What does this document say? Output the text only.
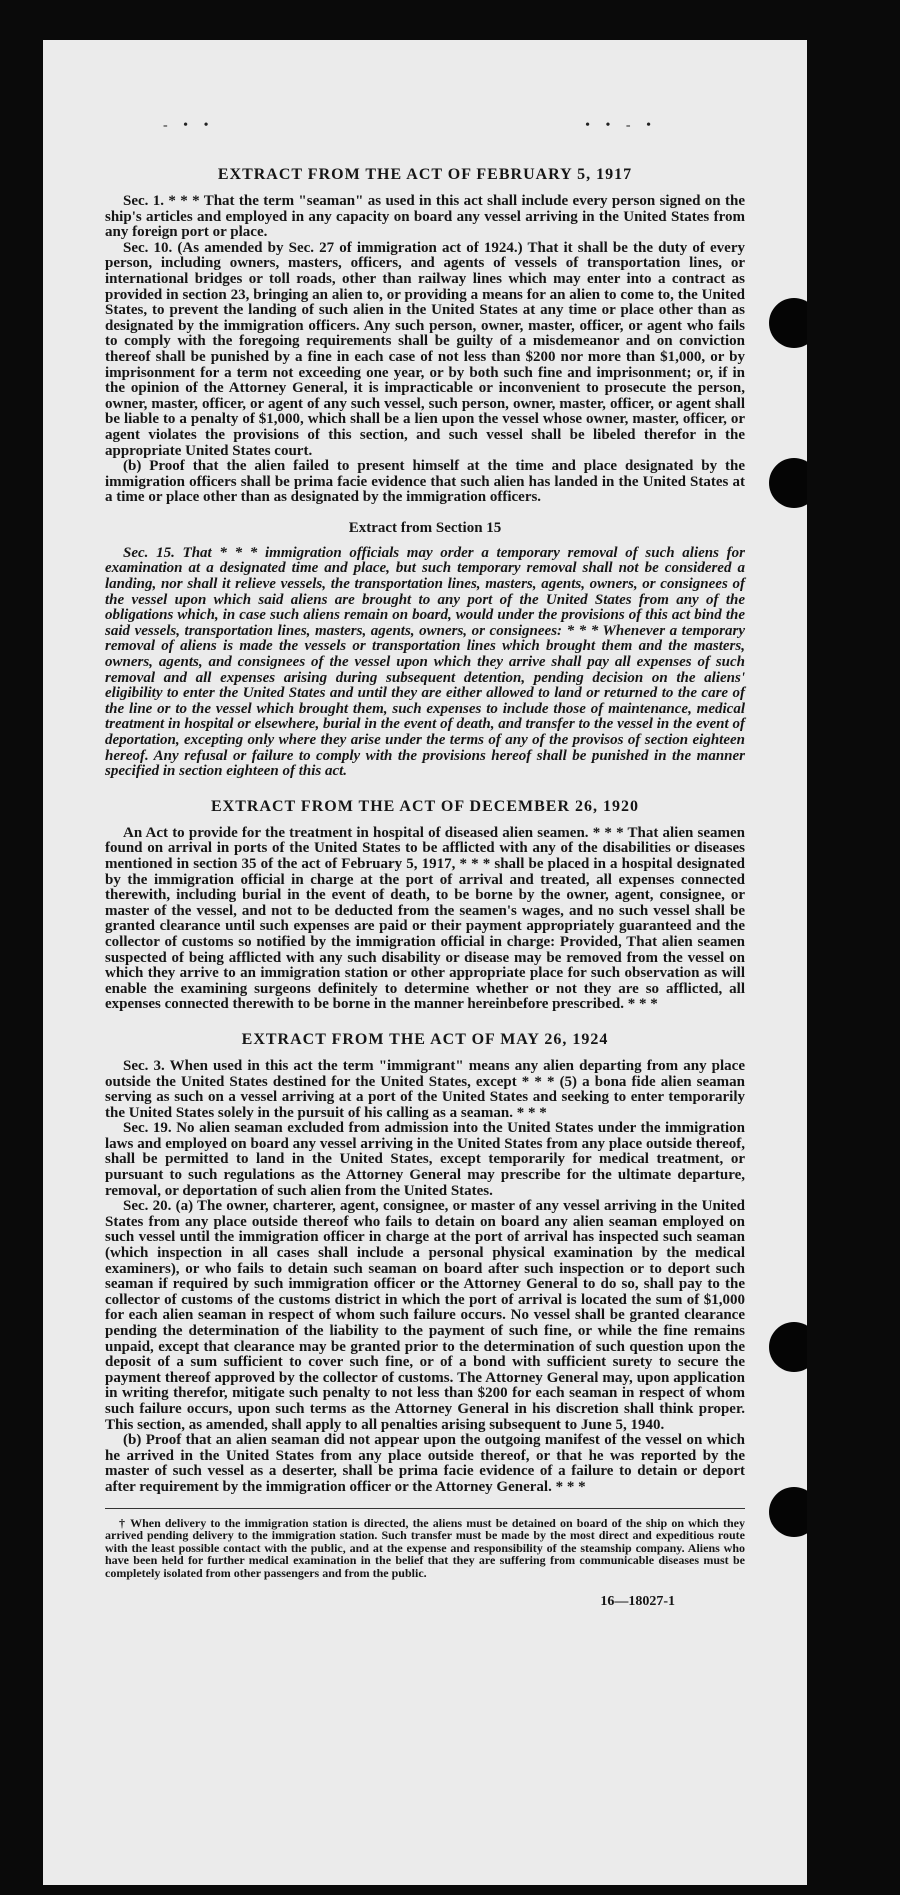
- • •	• • - •
EXTRACT FROM THE ACT OF FEBRUARY 5, 1917

Sec. 1. * * * That the term "seaman" as used in this act shall include every person signed on the ship's articles and employed in any capacity on board any vessel arriving in the United States from any foreign port or place.

Sec. 10. (As amended by Sec. 27 of immigration act of 1924.) That it shall be the duty of every person, including owners, masters, officers, and agents of vessels of transportation lines, or international bridges or toll roads, other than railway lines which may enter into a contract as provided in section 23, bringing an alien to, or providing a means for an alien to come to, the United States, to prevent the landing of such alien in the United States at any time or place other than as designated by the immigration officers. Any such person, owner, master, officer, or agent who fails to comply with the foregoing requirements shall be guilty of a misdemeanor and on conviction thereof shall be punished by a fine in each case of not less than $200 nor more than $1,000, or by imprisonment for a term not exceeding one year, or by both such fine and imprisonment; or, if in the opinion of the Attorney General, it is impracticable or inconvenient to prosecute the person, owner, master, officer, or agent of any such vessel, such person, owner, master, officer, or agent shall be liable to a penalty of $1,000, which shall be a lien upon the vessel whose owner, master, officer, or agent violates the provisions of this section, and such vessel shall be libeled therefor in the appropriate United States court.

(b) Proof that the alien failed to present himself at the time and place designated by the immigration officers shall be prima facie evidence that such alien has landed in the United States at a time or place other than as designated by the immigration officers.

Extract from Section 15

Sec. 15. That * * * immigration officials may order a temporary removal of such aliens for examination at a designated time and place, but such temporary removal shall not be considered a landing, nor shall it relieve vessels, the transportation lines, masters, agents, owners, or consignees of the vessel upon which said aliens are brought to any port of the United States from any of the obligations which, in case such aliens remain on board, would under the provisions of this act bind the said vessels, transportation lines, masters, agents, owners, or consignees: * * * Whenever a temporary removal of aliens is made the vessels or transportation lines which brought them and the masters, owners, agents, and consignees of the vessel upon which they arrive shall pay all expenses of such removal and all expenses arising during subsequent detention, pending decision on the aliens' eligibility to enter the United States and until they are either allowed to land or returned to the care of the line or to the vessel which brought them, such expenses to include those of maintenance, medical treatment in hospital or elsewhere, burial in the event of death, and transfer to the vessel in the event of deportation, excepting only where they arise under the terms of any of the provisos of section eighteen hereof. Any refusal or failure to comply with the provisions hereof shall be punished in the manner specified in section eighteen of this act.

EXTRACT FROM THE ACT OF DECEMBER 26, 1920

An Act to provide for the treatment in hospital of diseased alien seamen. * * * That alien seamen found on arrival in ports of the United States to be afflicted with any of the disabilities or diseases mentioned in section 35 of the act of February 5, 1917, * * * shall be placed in a hospital designated by the immigration official in charge at the port of arrival and treated, all expenses connected therewith, including burial in the event of death, to be borne by the owner, agent, consignee, or master of the vessel, and not to be deducted from the seamen's wages, and no such vessel shall be granted clearance until such expenses are paid or their payment appropriately guaranteed and the collector of customs so notified by the immigration official in charge: Provided, That alien seamen suspected of being afflicted with any such disability or disease may be removed from the vessel on which they arrive to an immigration station or other appropriate place for such observation as will enable the examining surgeons definitely to determine whether or not they are so afflicted, all expenses connected therewith to be borne in the manner hereinbefore prescribed. * * *

EXTRACT FROM THE ACT OF MAY 26, 1924

Sec. 3. When used in this act the term "immigrant" means any alien departing from any place outside the United States destined for the United States, except * * * (5) a bona fide alien seaman serving as such on a vessel arriving at a port of the United States and seeking to enter temporarily the United States solely in the pursuit of his calling as a seaman. * * *

Sec. 19. No alien seaman excluded from admission into the United States under the immigration laws and employed on board any vessel arriving in the United States from any place outside thereof, shall be permitted to land in the United States, except temporarily for medical treatment, or pursuant to such regulations as the Attorney General may prescribe for the ultimate departure, removal, or deportation of such alien from the United States.

Sec. 20. (a) The owner, charterer, agent, consignee, or master of any vessel arriving in the United States from any place outside thereof who fails to detain on board any alien seaman employed on such vessel until the immigration officer in charge at the port of arrival has inspected such seaman (which inspection in all cases shall include a personal physical examination by the medical examiners), or who fails to detain such seaman on board after such inspection or to deport such seaman if required by such immigration officer or the Attorney General to do so, shall pay to the collector of customs of the customs district in which the port of arrival is located the sum of $1,000 for each alien seaman in respect of whom such failure occurs. No vessel shall be granted clearance pending the determination of the liability to the payment of such fine, or while the fine remains unpaid, except that clearance may be granted prior to the determination of such question upon the deposit of a sum sufficient to cover such fine, or of a bond with sufficient surety to secure the payment thereof approved by the collector of customs. The Attorney General may, upon application in writing therefor, mitigate such penalty to not less than $200 for each seaman in respect of whom such failure occurs, upon such terms as the Attorney General in his discretion shall think proper. This section, as amended, shall apply to all penalties arising subsequent to June 5, 1940.

(b) Proof that an alien seaman did not appear upon the outgoing manifest of the vessel on which he arrived in the United States from any place outside thereof, or that he was reported by the master of such vessel as a deserter, shall be prima facie evidence of a failure to detain or deport after requirement by the immigration officer or the Attorney General. * * *

† When delivery to the immigration station is directed, the aliens must be detained on board of the ship on which they arrived pending delivery to the immigration station. Such transfer must be made by the most direct and expeditious route with the least possible contact with the public, and at the expense and responsibility of the steamship company. Aliens who have been held for further medical examination in the belief that they are suffering from communicable diseases must be completely isolated from other passengers and from the public.

16—18027-1
